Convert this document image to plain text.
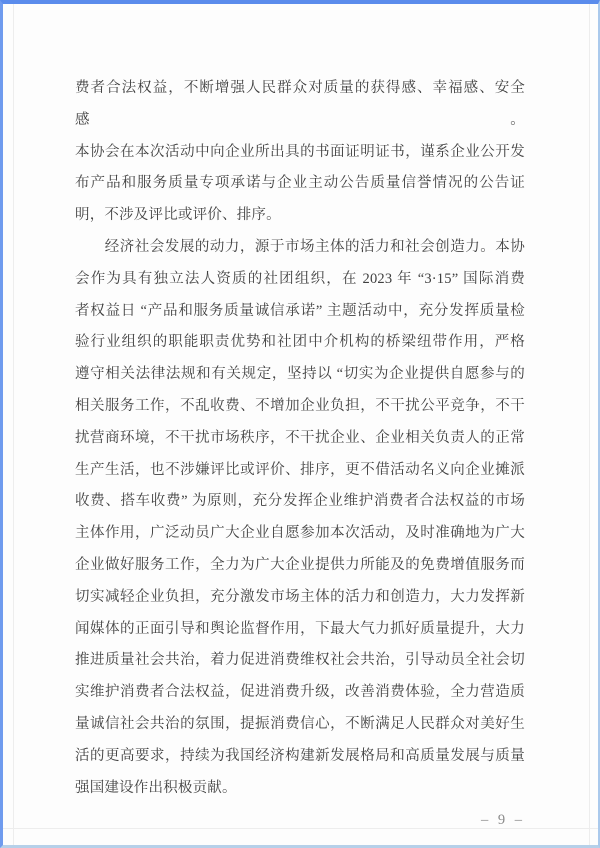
费者合法权益，不断增强人民群众对质量的获得感、幸福感、安全感。
本协会在本次活动中向企业所出具的书面证明证书，谨系企业公开发
布产品和服务质量专项承诺与企业主动公告质量信誉情况的公告证
明，不涉及评比或评价、排序。
经济社会发展的动力，源于市场主体的活力和社会创造力。本协
会作为具有独立法人资质的社团组织，在 2023 年 “3·15” 国际消费
者权益日 “产品和服务质量诚信承诺” 主题活动中，充分发挥质量检
验行业组织的职能职责优势和社团中介机构的桥梁纽带作用，严格
遵守相关法律法规和有关规定，坚持以 “切实为企业提供自愿参与的
相关服务工作，不乱收费、不增加企业负担，不干扰公平竞争，不干
扰营商环境，不干扰市场秩序，不干扰企业、企业相关负责人的正常
生产生活，也不涉嫌评比或评价、排序，更不借活动名义向企业摊派
收费、搭车收费” 为原则，充分发挥企业维护消费者合法权益的市场
主体作用，广泛动员广大企业自愿参加本次活动，及时准确地为广大
企业做好服务工作，全力为广大企业提供力所能及的免费增值服务而
切实减轻企业负担，充分激发市场主体的活力和创造力，大力发挥新
闻媒体的正面引导和舆论监督作用，下最大气力抓好质量提升，大力
推进质量社会共治，着力促进消费维权社会共治，引导动员全社会切
实维护消费者合法权益，促进消费升级，改善消费体验，全力营造质
量诚信社会共治的氛围，提振消费信心，不断满足人民群众对美好生
活的更高要求，持续为我国经济构建新发展格局和高质量发展与质量
强国建设作出积极贡献。
– 9 –
